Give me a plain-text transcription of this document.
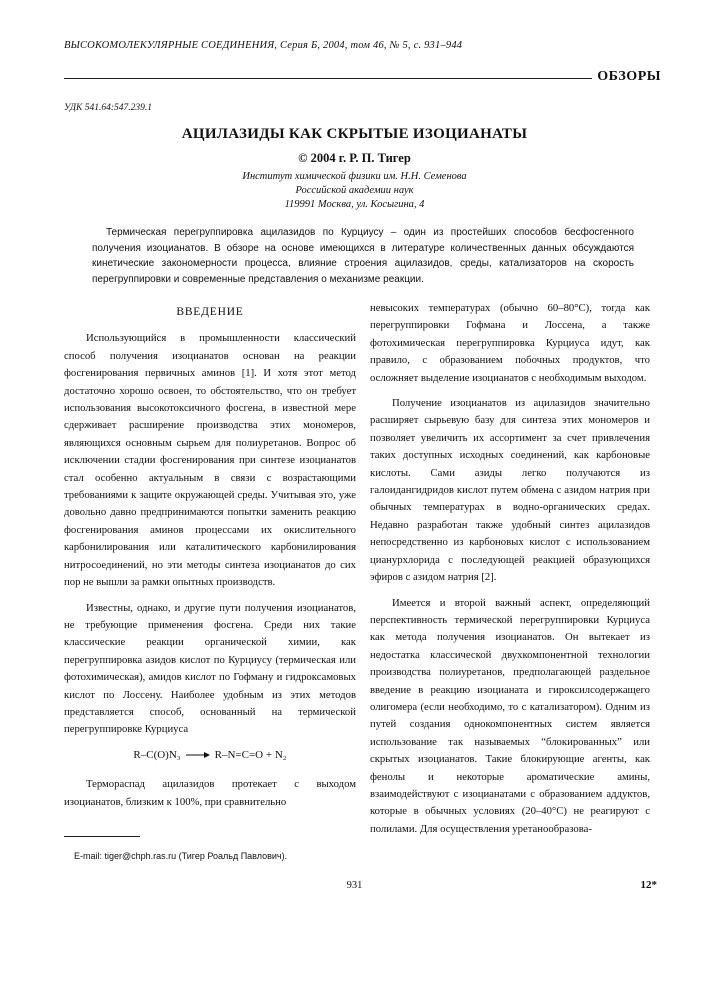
ВЫСОКОМОЛЕКУЛЯРНЫЕ СОЕДИНЕНИЯ, Серия Б, 2004, том 46, № 5, с. 931–944
ОБЗОРЫ
УДК 541.64:547.239.1
АЦИЛАЗИДЫ КАК СКРЫТЫЕ ИЗОЦИАНАТЫ
© 2004 г. Р. П. Тигер
Институт химической физики им. Н.Н. Семенова
Российской академии наук
119991 Москва, ул. Косыгина, 4
Термическая перегруппировка ацилазидов по Курциусу – один из простейших способов бесфосгенного получения изоцианатов. В обзоре на основе имеющихся в литературе количественных данных обсуждаются кинетические закономерности процесса, влияние строения ацилазидов, среды, катализаторов на скорость перегруппировки и современные представления о механизме реакции.
ВВЕДЕНИЕ

Использующийся в промышленности классический способ получения изоцианатов основан на реакции фосгенирования первичных аминов [1]. И хотя этот метод достаточно хорошо освоен, то обстоятельство, что он требует использования высокотоксичного фосгена, в известной мере сдерживает расширение производства этих мономеров, являющихся основным сырьем для полиуретанов. Вопрос об исключении стадии фосгенирования при синтезе изоцианатов стал особенно актуальным в связи с возрастающими требованиями к защите окружающей среды. Учитывая это, уже довольно давно предпринимаются попытки заменить реакцию фосгенирования аминов процессами их окислительного карбонилирования или каталитического карбонилирования нитросоединений, но эти методы синтеза изоцианатов до сих пор не вышли за рамки опытных производств.

Известны, однако, и другие пути получения изоцианатов, не требующие применения фосгена. Среди них такие классические реакции органической химии, как перегруппировка азидов кислот по Курциусу (термическая или фотохимическая), амидов кислот по Гофману и гидроксамовых кислот по Лоссену. Наиболее удобным из этих методов представляется способ, основанный на термической перегруппировке Курциуса

R–C(O)N₃ → R–N=C=O + N₂

Термораспад ацилазидов протекает с выходом изоцианатов, близким к 100%, при сравнительно

невысоких температурах (обычно 60–80°С), тогда как перегруппировки Гофмана и Лоссена, а также фотохимическая перегруппировка Курциуса идут, как правило, с образованием побочных продуктов, что осложняет выделение изоцианатов с необходимым выходом.

Получение изоцианатов из ацилазидов значительно расширяет сырьевую базу для синтеза этих мономеров и позволяет увеличить их ассортимент за счет привлечения таких доступных исходных соединений, как карбоновые кислоты. Сами азиды легко получаются из галоидангидридов кислот путем обмена с азидом натрия при обычных температурах в водно-органических средах. Недавно разработан также удобный синтез ацилазидов непосредственно из карбоновых кислот с использованием цианурхлорида с последующей реакцией образующихся эфиров с азидом натрия [2].

Имеется и второй важный аспект, определяющий перспективность термической перегруппировки Курциуса как метода получения изоцианатов. Он вытекает из недостатка классической двухкомпонентной технологии производства полиуретанов, предполагающей раздельное введение в реакцию изоцианата и гироксилсодержащего олигомера (если необходимо, то с катализатором). Одним из путей создания однокомпонентных систем является использование так называемых “блокированных” или скрытых изоцианатов. Такие блокирующие агенты, как фенолы и некоторые ароматические амины, взаимодействуют с изоцианатами с образованием аддуктов, которые в обычных условиях (20–40°С) не реагируют с полилами. Для осуществления уретанообразова-

E-mail: tiger@chph.ras.ru (Тигер Роальд Павлович).
931	12*
